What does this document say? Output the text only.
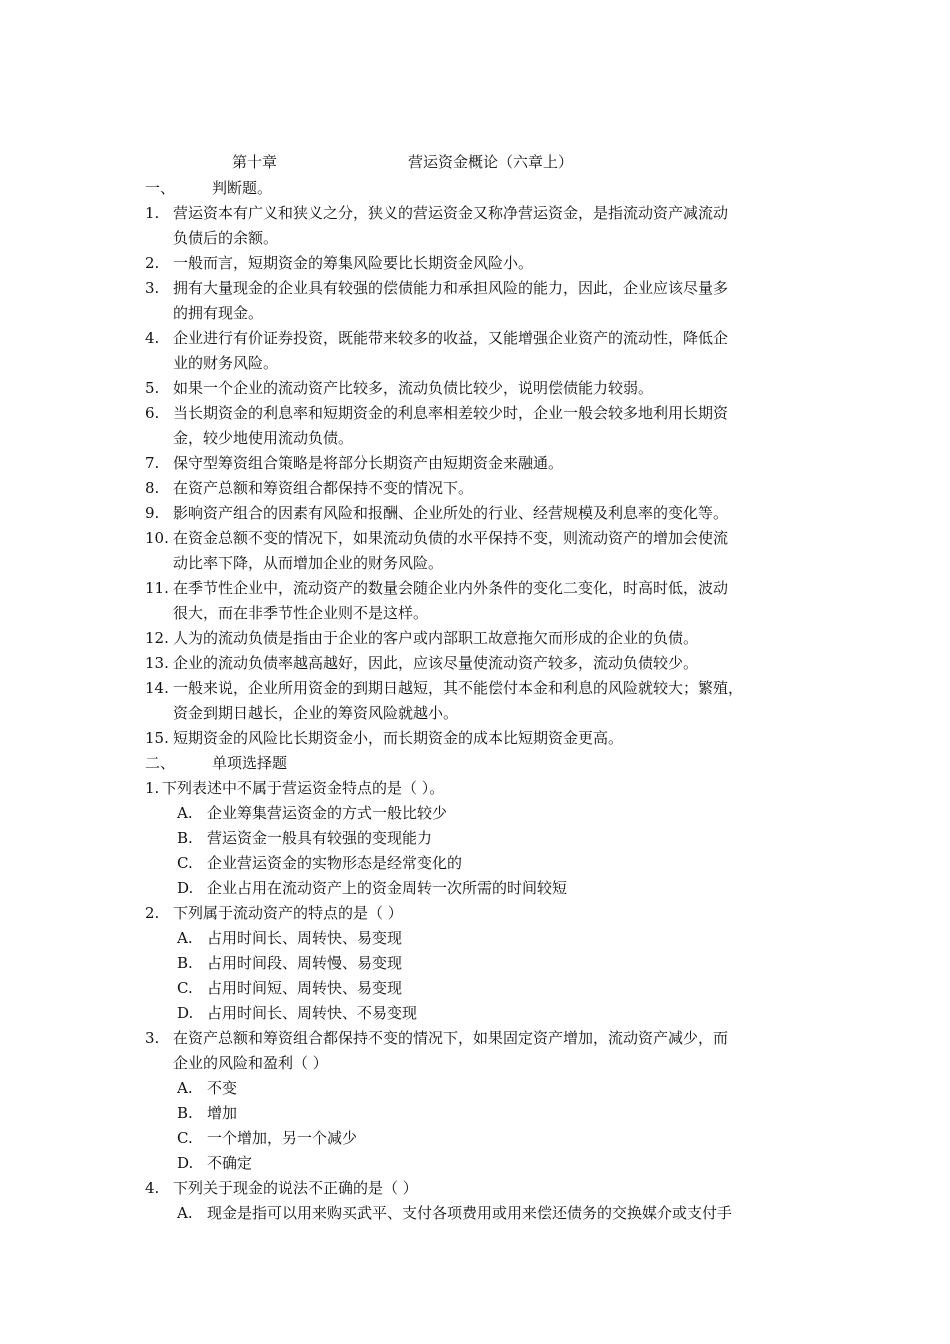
第十章	营运资金概论（六章上）
一、 判断题。
1. 营运资本有广义和狭义之分，狭义的营运资金又称净营运资金，是指流动资产减流动
负债后的余额。
2. 一般而言，短期资金的筹集风险要比长期资金风险小。
3. 拥有大量现金的企业具有较强的偿债能力和承担风险的能力，因此，企业应该尽量多
的拥有现金。
4. 企业进行有价证券投资，既能带来较多的收益，又能增强企业资产的流动性，降低企
业的财务风险。
5. 如果一个企业的流动资产比较多，流动负债比较少，说明偿债能力较弱。
6. 当长期资金的利息率和短期资金的利息率相差较少时，企业一般会较多地利用长期资
金，较少地使用流动负债。
7. 保守型筹资组合策略是将部分长期资产由短期资金来融通。
8. 在资产总额和筹资组合都保持不变的情况下。
9. 影响资产组合的因素有风险和报酬、企业所处的行业、经营规模及利息率的变化等。
10. 在资金总额不变的情况下，如果流动负债的水平保持不变，则流动资产的增加会使流
动比率下降，从而增加企业的财务风险。
11. 在季节性企业中，流动资产的数量会随企业内外条件的变化二变化，时高时低，波动
很大，而在非季节性企业则不是这样。
12. 人为的流动负债是指由于企业的客户或内部职工故意拖欠而形成的企业的负债。
13. 企业的流动负债率越高越好，因此，应该尽量使流动资产较多，流动负债较少。
14. 一般来说，企业所用资金的到期日越短，其不能偿付本金和利息的风险就较大；繁殖，
资金到期日越长，企业的筹资风险就越小。
15. 短期资金的风险比长期资金小，而长期资金的成本比短期资金更高。
二、 单项选择题
1. 下列表述中不属于营运资金特点的是（ ）。
A. 企业筹集营运资金的方式一般比较少
B. 营运资金一般具有较强的变现能力
C. 企业营运资金的实物形态是经常变化的
D. 企业占用在流动资产上的资金周转一次所需的时间较短
2. 下列属于流动资产的特点的是（ ）
A. 占用时间长、周转快、易变现
B. 占用时间段、周转慢、易变现
C. 占用时间短、周转快、易变现
D. 占用时间长、周转快、不易变现
3. 在资产总额和筹资组合都保持不变的情况下，如果固定资产增加，流动资产减少，而
企业的风险和盈利（ ）
A. 不变
B. 增加
C. 一个增加，另一个减少
D. 不确定
4. 下列关于现金的说法不正确的是（ ）
A. 现金是指可以用来购买武平、支付各项费用或用来偿还债务的交换媒介或支付手
